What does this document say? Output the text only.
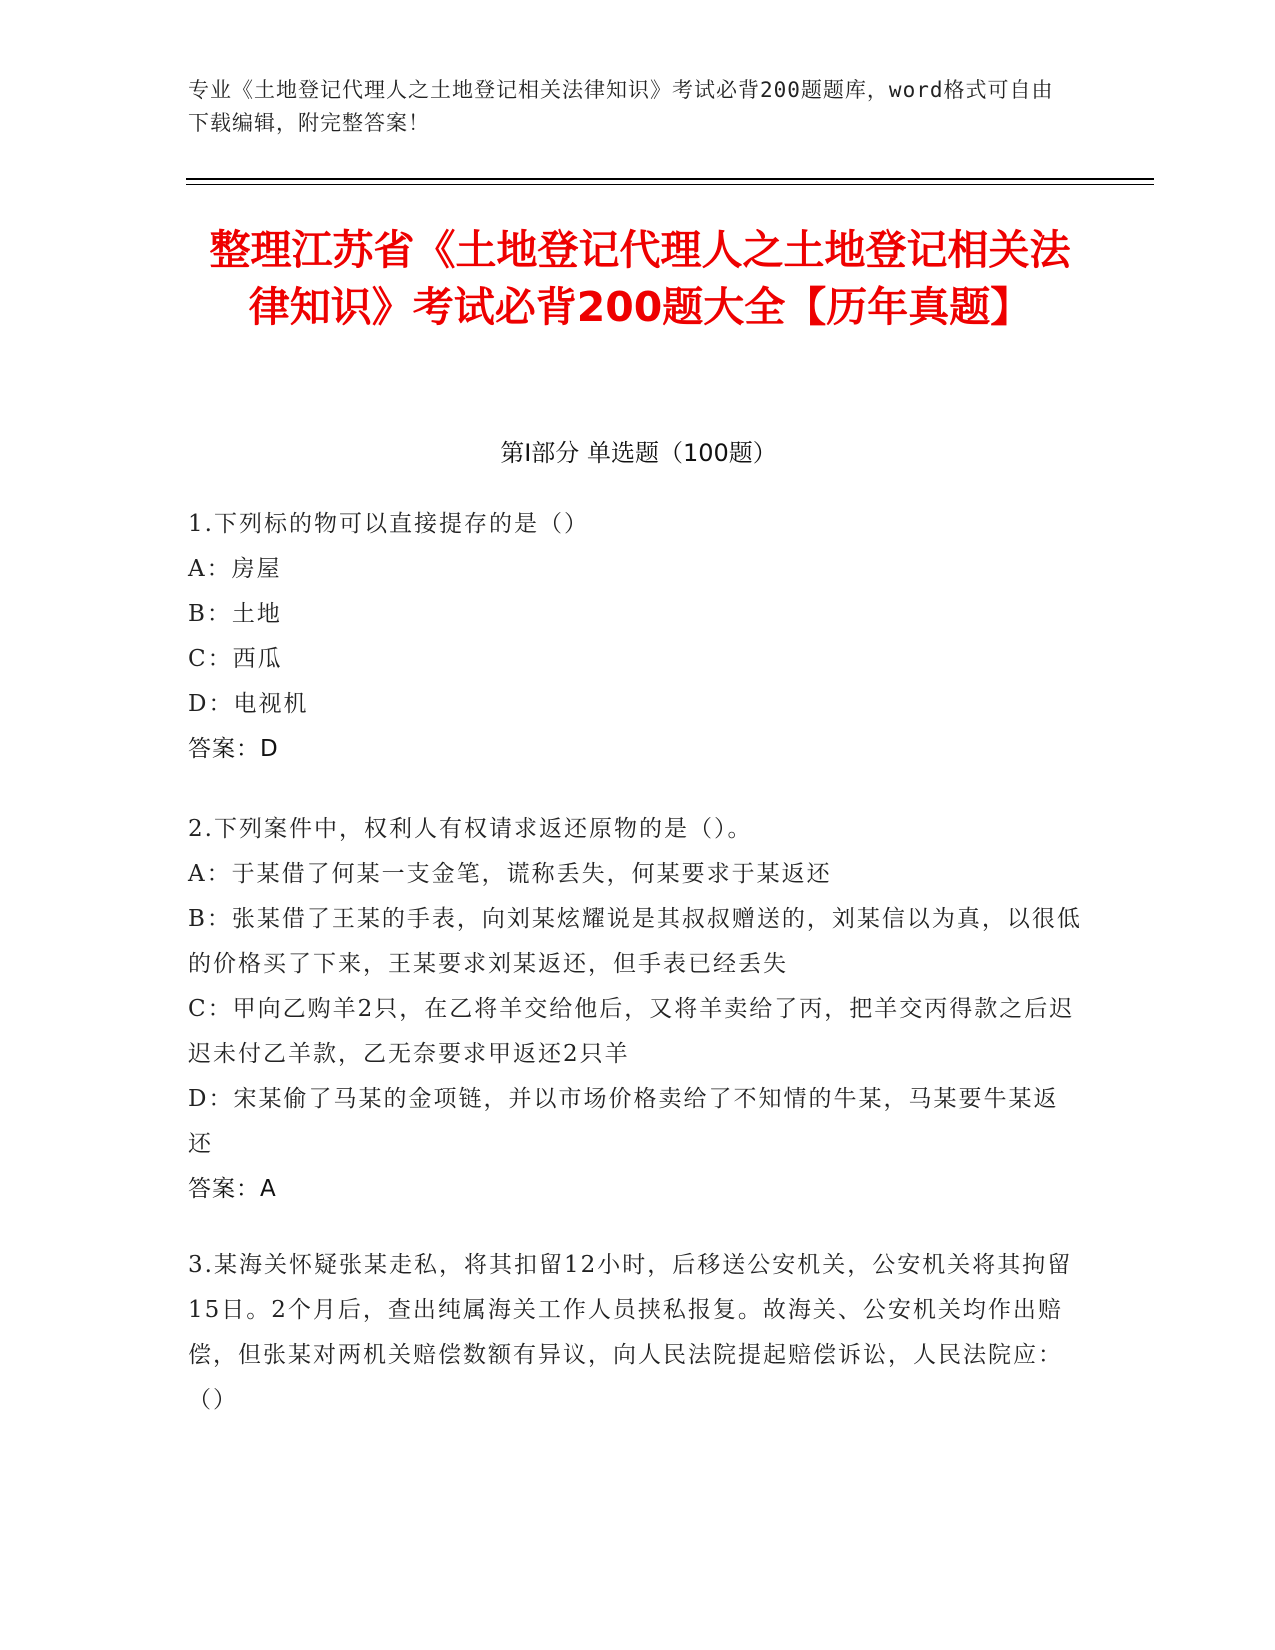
专业《土地登记代理人之土地登记相关法律知识》考试必背200题题库，word格式可自由下载编辑，附完整答案！
整理江苏省《土地登记代理人之土地登记相关法律知识》考试必背200题大全【历年真题】
第Ⅰ部分 单选题（100题）

1.下列标的物可以直接提存的是（）

A：房屋

B：土地

C：西瓜

D：电视机

答案：D

2.下列案件中，权利人有权请求返还原物的是（）。

A：于某借了何某一支金笔，谎称丢失，何某要求于某返还

B：张某借了王某的手表，向刘某炫耀说是其叔叔赠送的，刘某信以为真，以很低的价格买了下来，王某要求刘某返还，但手表已经丢失

C：甲向乙购羊2只，在乙将羊交给他后，又将羊卖给了丙，把羊交丙得款之后迟迟未付乙羊款，乙无奈要求甲返还2只羊

D：宋某偷了马某的金项链，并以市场价格卖给了不知情的牛某，马某要牛某返还

答案：A

3.某海关怀疑张某走私，将其扣留12小时，后移送公安机关，公安机关将其拘留15日。2个月后，查出纯属海关工作人员挟私报复。故海关、公安机关均作出赔偿，但张某对两机关赔偿数额有异议，向人民法院提起赔偿诉讼，人民法院应：（）
